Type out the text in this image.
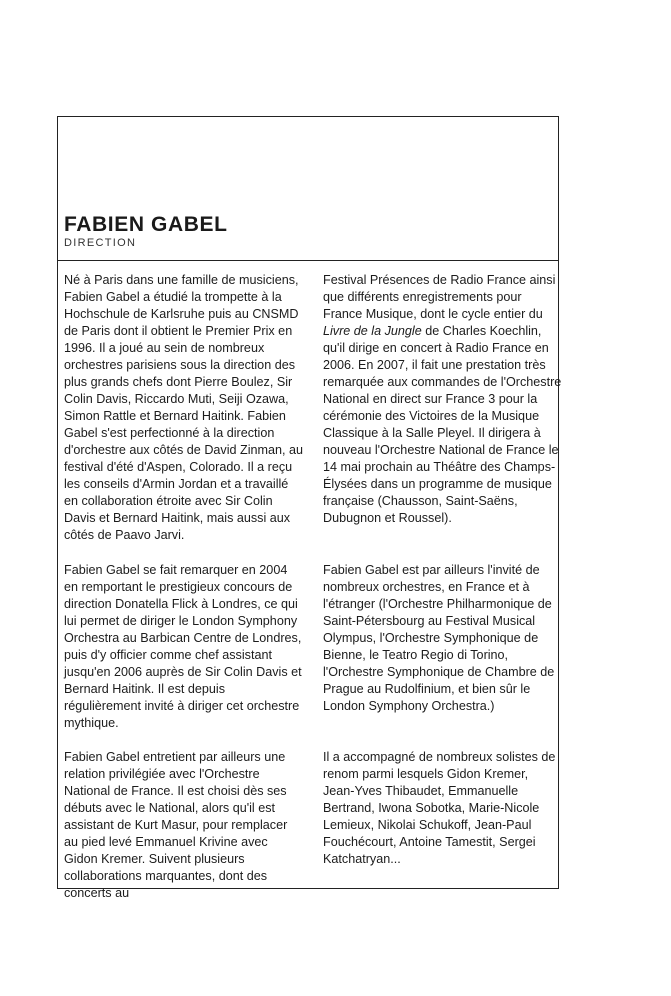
FABIEN GABEL
DIRECTION

Né à Paris dans une famille de musiciens, Fabien Gabel a étudié la trompette à la Hochschule de Karlsruhe puis au CNSMD de Paris dont il obtient le Premier Prix en 1996. Il a joué au sein de nombreux orchestres parisiens sous la direction des plus grands chefs dont Pierre Boulez, Sir Colin Davis, Riccardo Muti, Seiji Ozawa, Simon Rattle et Bernard Haitink. Fabien Gabel s'est perfectionné à la direction d'orchestre aux côtés de David Zinman, au festival d'été d'Aspen, Colorado. Il a reçu les conseils d'Armin Jordan et a travaillé en collaboration étroite avec Sir Colin Davis et Bernard Haitink, mais aussi aux côtés de Paavo Jarvi.

Fabien Gabel se fait remarquer en 2004 en remportant le prestigieux concours de direction Donatella Flick à Londres, ce qui lui permet de diriger le London Symphony Orchestra au Barbican Centre de Londres, puis d'y officier comme chef assistant jusqu'en 2006 auprès de Sir Colin Davis et Bernard Haitink. Il est depuis régulièrement invité à diriger cet orchestre mythique.

Fabien Gabel entretient par ailleurs une relation privilégiée avec l'Orchestre National de France. Il est choisi dès ses débuts avec le National, alors qu'il est assistant de Kurt Masur, pour remplacer au pied levé Emmanuel Krivine avec Gidon Kremer. Suivent plusieurs collaborations marquantes, dont des concerts au

Festival Présences de Radio France ainsi que différents enregistrements pour France Musique, dont le cycle entier du Livre de la Jungle de Charles Koechlin, qu'il dirige en concert à Radio France en 2006. En 2007, il fait une prestation très remarquée aux commandes de l'Orchestre National en direct sur France 3 pour la cérémonie des Victoires de la Musique Classique à la Salle Pleyel. Il dirigera à nouveau l'Orchestre National de France le 14 mai prochain au Théâtre des Champs-Élysées dans un programme de musique française (Chausson, Saint-Saëns, Dubugnon et Roussel).

Fabien Gabel est par ailleurs l'invité de nombreux orchestres, en France et à l'étranger (l'Orchestre Philharmonique de Saint-Pétersbourg au Festival Musical Olympus, l'Orchestre Symphonique de Bienne, le Teatro Regio di Torino, l'Orchestre Symphonique de Chambre de Prague au Rudolfinium, et bien sûr le London Symphony Orchestra.)

Il a accompagné de nombreux solistes de renom parmi lesquels Gidon Kremer, Jean-Yves Thibaudet, Emmanuelle Bertrand, Iwona Sobotka, Marie-Nicole Lemieux, Nikolai Schukoff, Jean-Paul Fouchécourt, Antoine Tamestit, Sergei Katchatryan...
